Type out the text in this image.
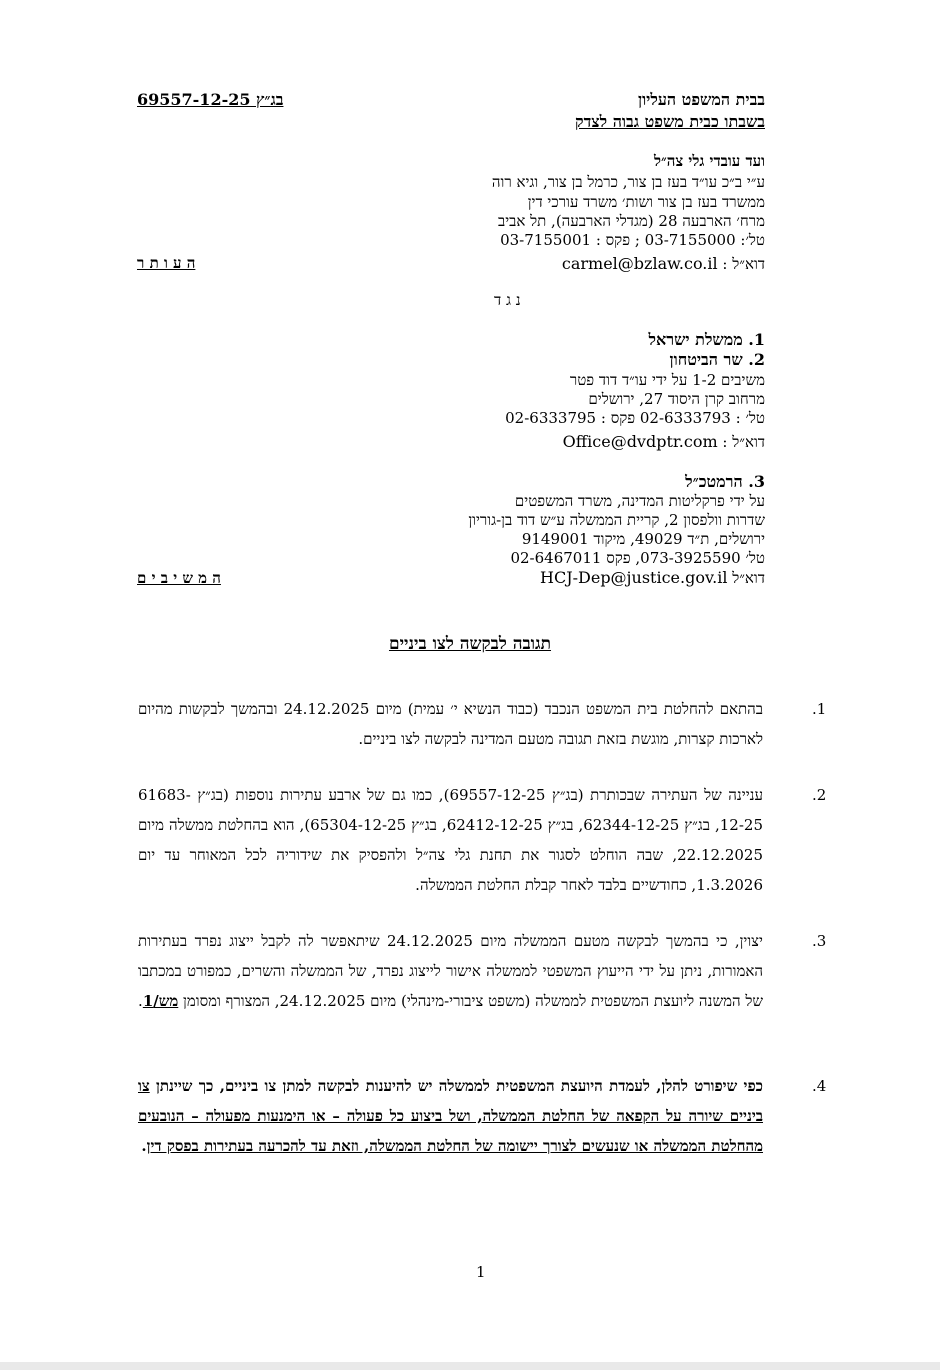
בבית המשפט העליון
בשבתו כבית משפט גבוה לצדק
בג״ץ 69557-12-25
ועד עובדי גלי צה״ל
ע״י ב״כ עו״ד בעז בן צור, כרמל בן צור, וגיא רוה
ממשרד בעז בן צור ושות׳ משרד עורכי דין
מרח׳ הארבעה 28 (מגדלי הארבעה), תל אביב
טל׳: 03-7155000 ; פקס : 03-7155001
דוא״ל : carmel@bzlaw.co.il
ה ע ו ת ר
נ ג ד
1. ממשלת ישראל
2. שר הביטחון
משיבים 1-2 על ידי עו״ד דוד פטר
מרחוב קרן היסוד 27, ירושלים
טל׳ : 02-6333793 פקס : 02-6333795
דוא״ל : Office@dvdptr.com
3. הרמטכ״ל
על ידי פרקליטות המדינה, משרד המשפטים
שדרות וולפסון 2, קריית הממשלה ע״ש דוד בן-גוריון
ירושלים, ת״ד 49029, מיקוד 9149001
טל׳ 073-3925590, פקס 02-6467011
דוא״ל HCJ-Dep@justice.gov.il
ה מ ש י ב י ם
תגובה לבקשה לצו ביניים
.1
בהתאם להחלטת בית המשפט הנכבד (כבוד הנשיא י׳ עמית) מיום 24.12.2025 ובהמשך לבקשות מהיום לארכות קצרות, מוגשת בזאת תגובה מטעם המדינה לבקשה לצו ביניים.
.2
עניינה של העתירה שבכותרת (בג״ץ 69557-12-25), כמו גם של ארבע עתירות נוספות (בג״ץ 61683-12-25, בג״ץ 62344-12-25, בג״ץ 62412-12-25, בג״ץ 65304-12-25), הוא בהחלטת ממשלה מיום 22.12.2025, שבה הוחלט לסגור את תחנת גלי צה״ל ולהפסיק את שידוריה לכל המאוחר עד יום 1.3.2026, כחודשיים בלבד לאחר קבלת החלטת הממשלה.
.3
יצוין, כי בהמשך לבקשה מטעם הממשלה מיום 24.12.2025 שיתאפשר לה לקבל ייצוג נפרד בעתירות האמורות, ניתן על ידי הייעוץ המשפטי לממשלה אישור לייצוג נפרד, של הממשלה והשרים, כמפורט במכתבו של המשנה ליועצת המשפטית לממשלה (משפט ציבורי-מינהלי) מיום 24.12.2025, המצורף ומסומן מש/1.
.4
כפי שיפורט להלן, לעמדת היועצת המשפטית לממשלה יש להיענות לבקשה למתן צו ביניים, כך שיינתן צו ביניים שיורה על הקפאה של החלטת הממשלה, ושל ביצוע כל פעולה – או הימנעות מפעולה – הנובעים מהחלטת הממשלה או שנעשים לצורך יישומה של החלטת הממשלה, וזאת עד להכרעה בעתירות בפסק דין.
1
